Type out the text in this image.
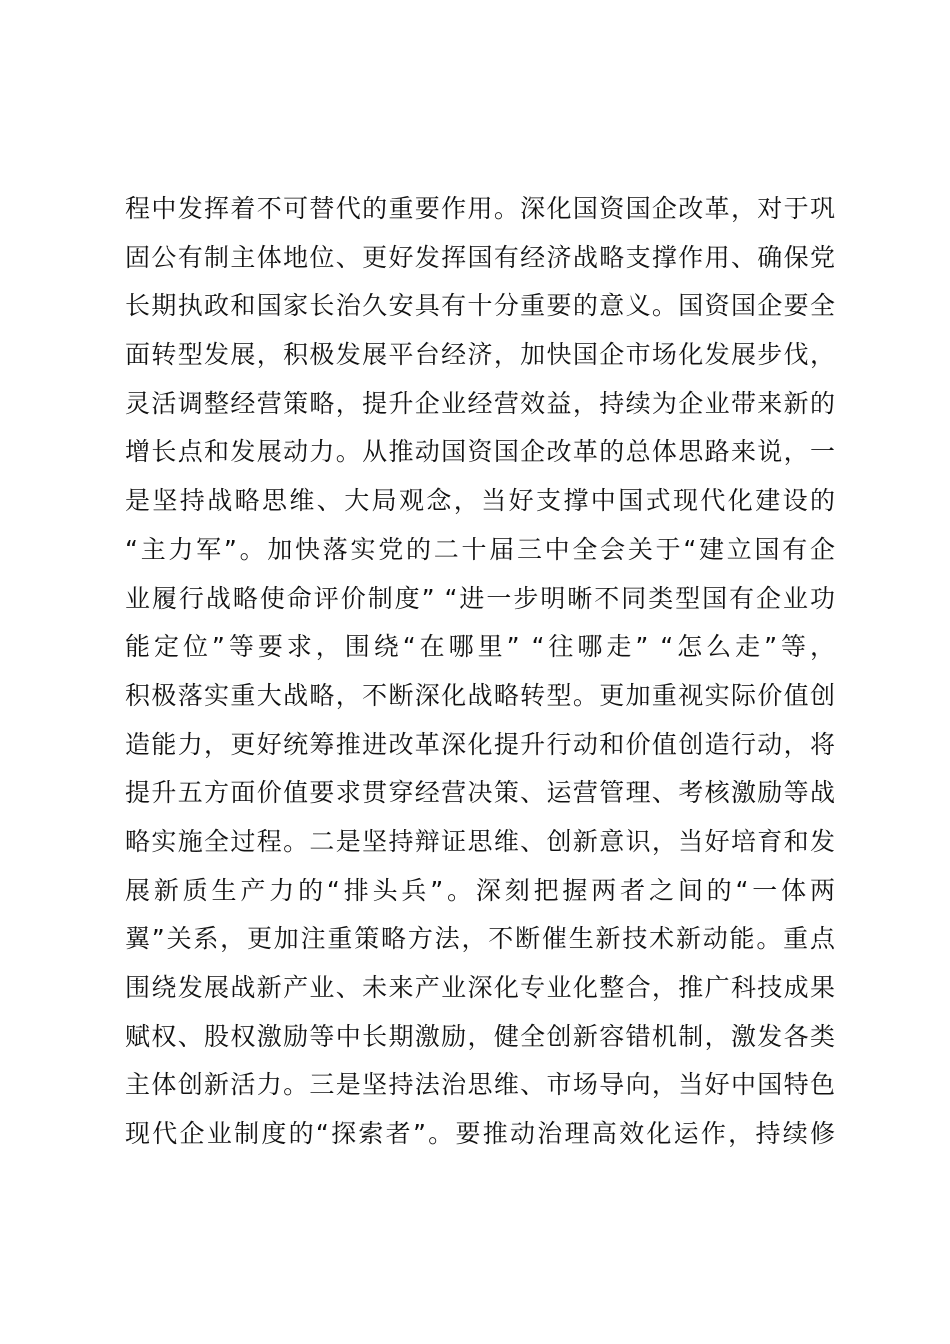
程中发挥着不可替代的重要作用。深化国资国企改革，对于巩
固公有制主体地位、更好发挥国有经济战略支撑作用、确保党
长期执政和国家长治久安具有十分重要的意义。国资国企要全
面转型发展，积极发展平台经济，加快国企市场化发展步伐，
灵活调整经营策略，提升企业经营效益，持续为企业带来新的
增长点和发展动力。从推动国资国企改革的总体思路来说，一
是坚持战略思维、大局观念，当好支撑中国式现代化建设的
“主力军”。加快落实党的二十届三中全会关于“建立国有企
业履行战略使命评价制度” “进一步明晰不同类型国有企业功
能定位”等要求，围绕“在哪里” “往哪走” “怎么走”等，
积极落实重大战略，不断深化战略转型。更加重视实际价值创
造能力，更好统筹推进改革深化提升行动和价值创造行动，将
提升五方面价值要求贯穿经营决策、运营管理、考核激励等战
略实施全过程。二是坚持辩证思维、创新意识，当好培育和发
展新质生产力的“排头兵”。深刻把握两者之间的“一体两
翼”关系，更加注重策略方法，不断催生新技术新动能。重点
围绕发展战新产业、未来产业深化专业化整合，推广科技成果
赋权、股权激励等中长期激励，健全创新容错机制，激发各类
主体创新活力。三是坚持法治思维、市场导向，当好中国特色
现代企业制度的“探索者”。要推动治理高效化运作，持续修
